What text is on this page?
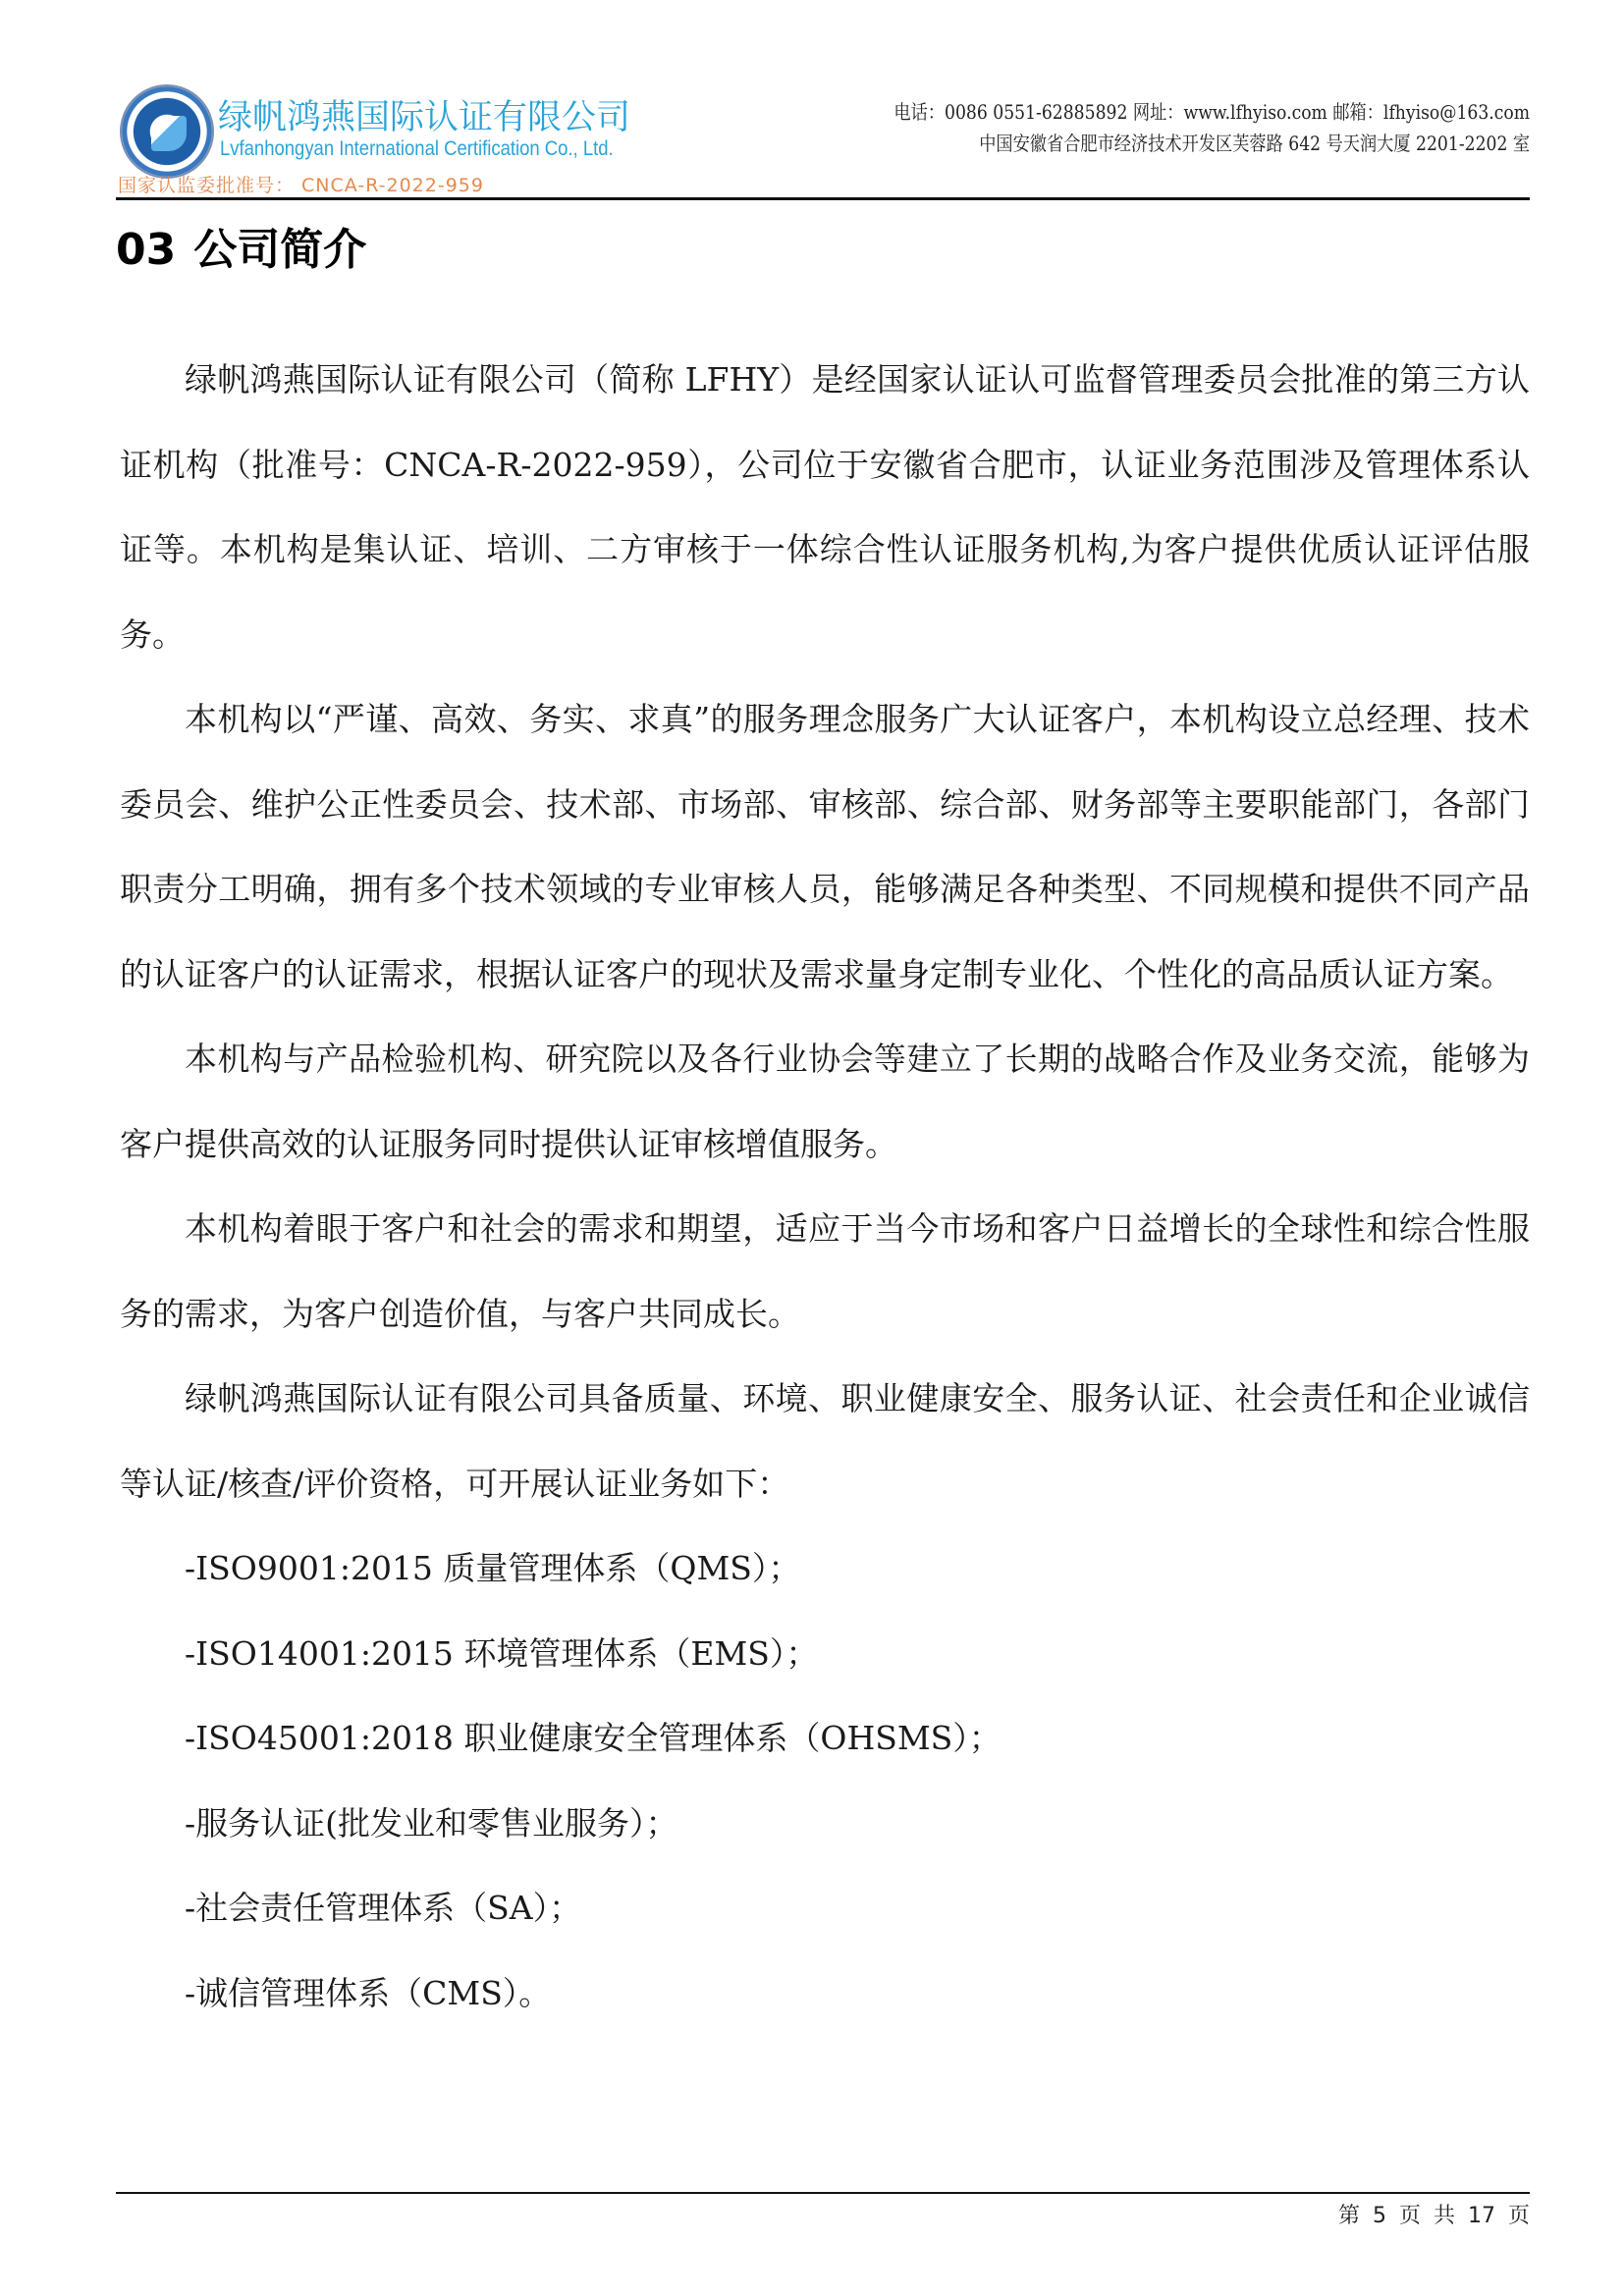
绿帆鸿燕国际认证有限公司
Lvfanhongyan International Certification Co., Ltd.
国家认监委批准号： CNCA-R-2022-959
电话：0086 0551-62885892 网址：www.lfhyiso.com 邮箱：lfhyiso@163.com
中国安徽省合肥市经济技术开发区芙蓉路 642 号天润大厦 2201-2202 室
03 公司简介

绿帆鸿燕国际认证有限公司（简称 LFHY）是经国家认证认可监督管理委员会批准的第三方认证机构（批准号：CNCA-R-2022-959），公司位于安徽省合肥市，认证业务范围涉及管理体系认证等。本机构是集认证、培训、二方审核于一体综合性认证服务机构,为客户提供优质认证评估服务。

本机构以“严谨、高效、务实、求真”的服务理念服务广大认证客户，本机构设立总经理、技术委员会、维护公正性委员会、技术部、市场部、审核部、综合部、财务部等主要职能部门，各部门职责分工明确，拥有多个技术领域的专业审核人员，能够满足各种类型、不同规模和提供不同产品的认证客户的认证需求，根据认证客户的现状及需求量身定制专业化、个性化的高品质认证方案。

本机构与产品检验机构、研究院以及各行业协会等建立了长期的战略合作及业务交流，能够为客户提供高效的认证服务同时提供认证审核增值服务。

本机构着眼于客户和社会的需求和期望，适应于当今市场和客户日益增长的全球性和综合性服务的需求，为客户创造价值，与客户共同成长。

绿帆鸿燕国际认证有限公司具备质量、环境、职业健康安全、服务认证、社会责任和企业诚信等认证/核查/评价资格，可开展认证业务如下：

-ISO9001:2015 质量管理体系（QMS）；
-ISO14001:2015 环境管理体系（EMS）；
-ISO45001:2018 职业健康安全管理体系（OHSMS）；
-服务认证(批发业和零售业服务）；
-社会责任管理体系（SA）；
-诚信管理体系（CMS）。
第 5 页 共 17 页
